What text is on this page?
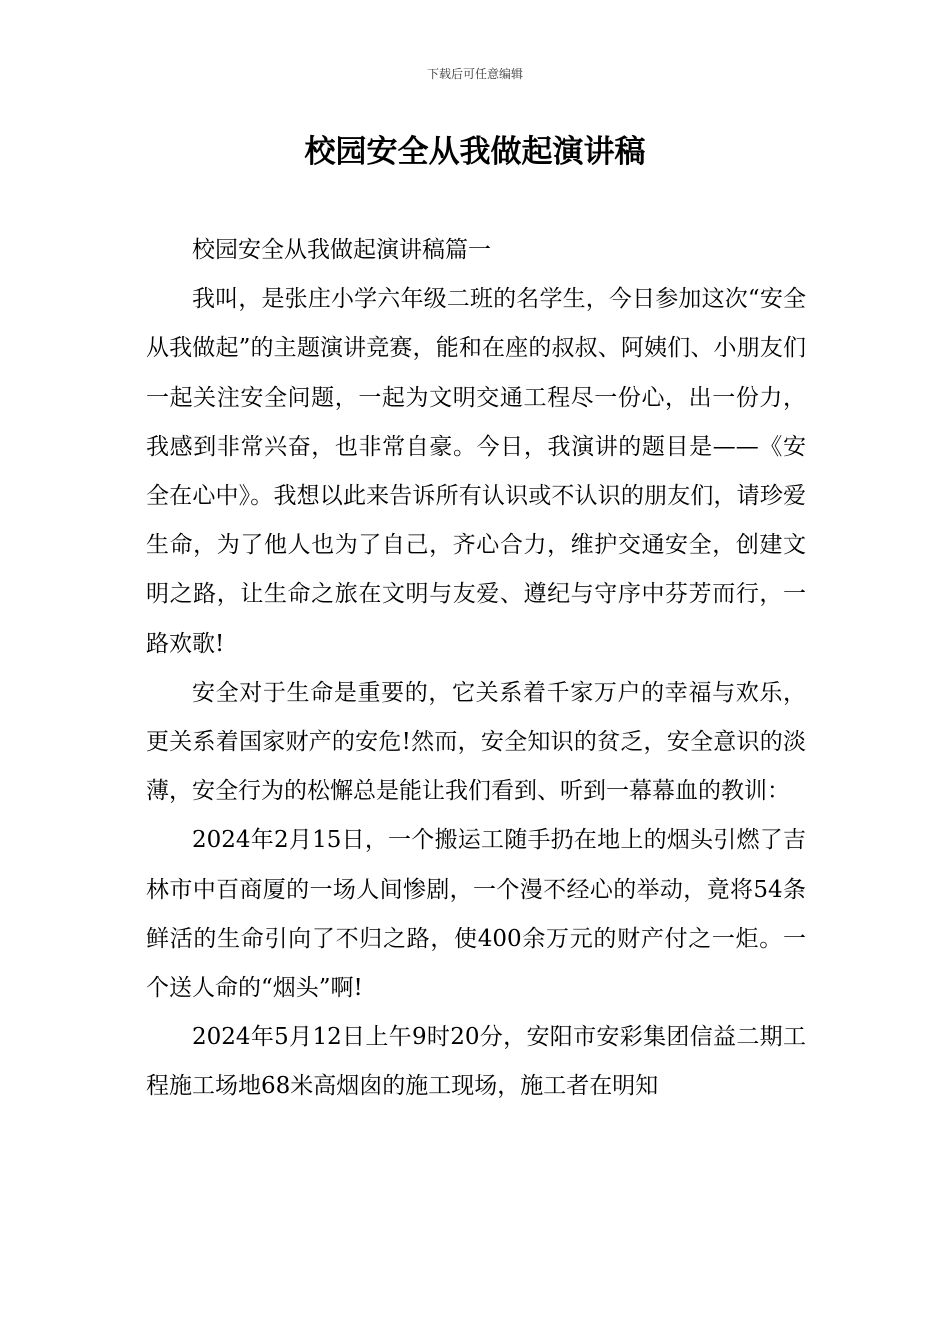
下载后可任意编辑
校园安全从我做起演讲稿

校园安全从我做起演讲稿篇一

我叫，是张庄小学六年级二班的名学生，今日参加这次“安全从我做起”的主题演讲竞赛，能和在座的叔叔、阿姨们、小朋友们一起关注安全问题，一起为文明交通工程尽一份心，出一份力，我感到非常兴奋，也非常自豪。今日，我演讲的题目是——《安全在心中》。我想以此来告诉所有认识或不认识的朋友们，请珍爱生命，为了他人也为了自己，齐心合力，维护交通安全，创建文明之路，让生命之旅在文明与友爱、遵纪与守序中芬芳而行，一路欢歌!

安全对于生命是重要的，它关系着千家万户的幸福与欢乐，更关系着国家财产的安危!然而，安全知识的贫乏，安全意识的淡薄，安全行为的松懈总是能让我们看到、听到一幕幕血的教训：

2024年2月15日，一个搬运工随手扔在地上的烟头引燃了吉林市中百商厦的一场人间惨剧，一个漫不经心的举动，竟将54条鲜活的生命引向了不归之路，使400余万元的财产付之一炬。一个送人命的“烟头”啊!

2024年5月12日上午9时20分，安阳市安彩集团信益二期工程施工场地68米高烟囱的施工现场，施工者在明知
